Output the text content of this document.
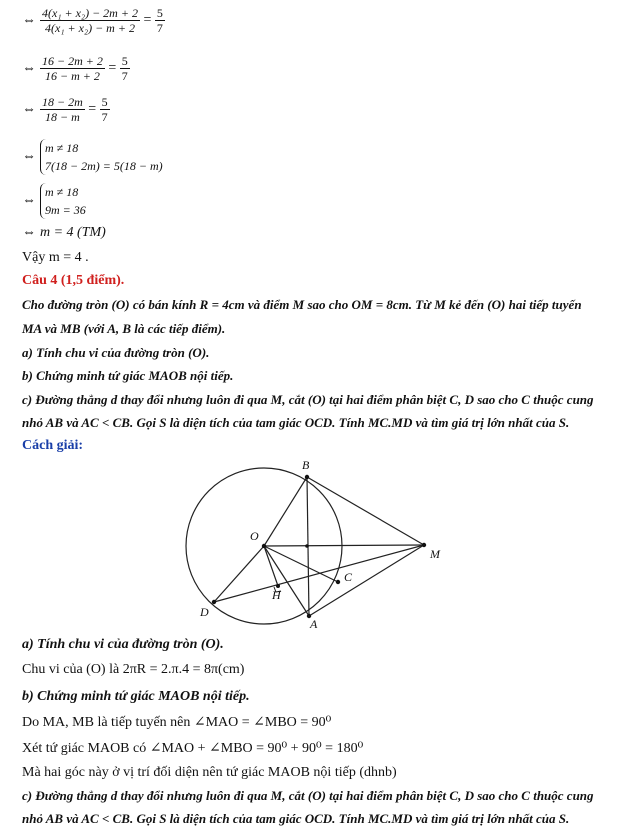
⇔ $\frac{\text{4(x₁ + x₂) − 2m + 2}}{\text{4(x₁ + x₂) − m + 2}} = \frac{5}{7}$
⇔ $\frac{16 - 2m + 2}{16 - m + 2} = \frac{5}{7}$
⇔ $\frac{18 - 2m}{18 - m} = \frac{5}{7}$
⇔
m ≠ 18
7(18 − 2m) = 5(18 − m)
⇔
m ≠ 18
9m = 36
⇔ m = 4 (TM)
Vậy m = 4 .
Câu 4 (1,5 điểm).
Cho đường tròn (O) có bán kính R = 4cm và điểm M sao cho OM = 8cm. Từ M kẻ đến (O) hai tiếp tuyến
MA và MB (với A, B là các tiếp điểm).
a) Tính chu vi của đường tròn (O).
b) Chứng minh tứ giác MAOB nội tiếp.
c) Đường thẳng d thay đổi nhưng luôn đi qua M, cắt (O) tại hai điểm phân biệt C, D sao cho C thuộc cung
nhỏ AB và AC < CB. Gọi S là diện tích của tam giác OCD. Tính MC.MD và tìm giá trị lớn nhất của S.
Cách giải:
B
O
M
C
H
D
A
a) Tính chu vi của đường tròn (O).
Chu vi của (O) là 2πR = 2.π.4 = 8π(cm)
b) Chứng minh tứ giác MAOB nội tiếp.
Do MA, MB là tiếp tuyến nên ∠MAO = ∠MBO = 90⁰
Xét tứ giác MAOB có ∠MAO + ∠MBO = 90⁰ + 90⁰ = 180⁰
Mà hai góc này ở vị trí đối diện nên tứ giác MAOB nội tiếp (dhnb)
c) Đường thẳng d thay đổi nhưng luôn đi qua M, cắt (O) tại hai điểm phân biệt C, D sao cho C thuộc cung
nhỏ AB và AC < CB. Gọi S là diện tích của tam giác OCD. Tính MC.MD và tìm giá trị lớn nhất của S.
